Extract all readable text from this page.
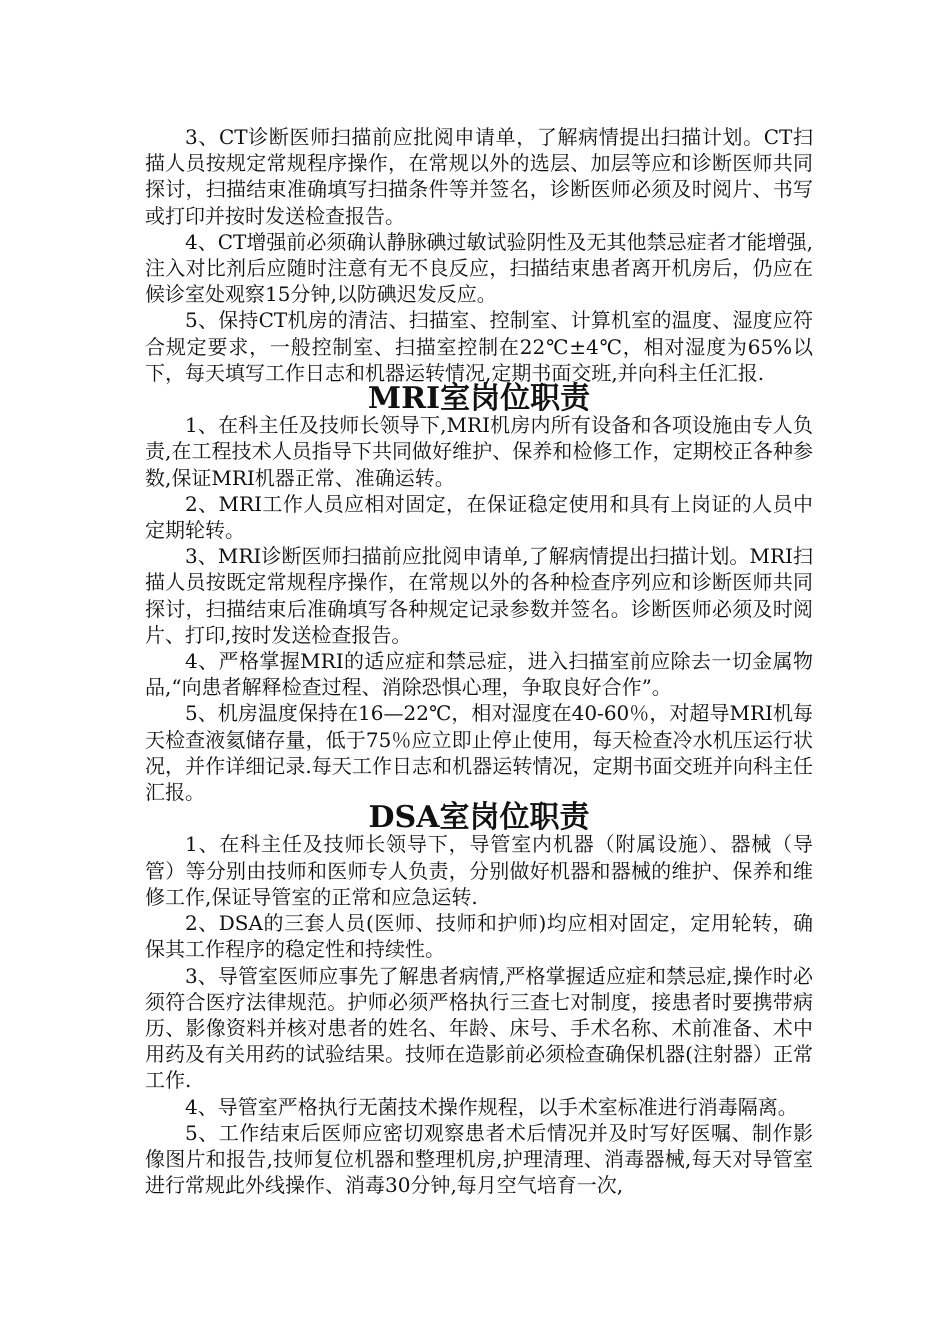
3、CT诊断医师扫描前应批阅申请单，了解病情提出扫描计划。CT扫描人员按规定常规程序操作，在常规以外的选层、加层等应和诊断医师共同探讨，扫描结束准确填写扫描条件等并签名，诊断医师必须及时阅片、书写或打印并按时发送检查报告。

4、CT增强前必须确认静脉碘过敏试验阴性及无其他禁忌症者才能增强,注入对比剂后应随时注意有无不良反应，扫描结束患者离开机房后，仍应在候诊室处观察15分钟,以防碘迟发反应。

5、保持CT机房的清洁、扫描室、控制室、计算机室的温度、湿度应符合规定要求，一般控制室、扫描室控制在22℃±4℃，相对湿度为65%以下，每天填写工作日志和机器运转情况,定期书面交班,并向科主任汇报.

MRI室岗位职责

1、在科主任及技师长领导下,MRI机房内所有设备和各项设施由专人负责,在工程技术人员指导下共同做好维护、保养和检修工作，定期校正各种参数,保证MRI机器正常、准确运转。

2、MRI工作人员应相对固定，在保证稳定使用和具有上岗证的人员中定期轮转。

3、MRI诊断医师扫描前应批阅申请单,了解病情提出扫描计划。MRI扫描人员按既定常规程序操作，在常规以外的各种检查序列应和诊断医师共同探讨，扫描结束后准确填写各种规定记录参数并签名。诊断医师必须及时阅片、打印,按时发送检查报告。

4、严格掌握MRI的适应症和禁忌症，进入扫描室前应除去一切金属物品,“向患者解释检查过程、消除恐惧心理，争取良好合作”。

5、机房温度保持在16—22℃，相对湿度在40-60％，对超导MRI机每天检查液氦储存量，低于75％应立即止停止使用，每天检查冷水机压运行状况，并作详细记录.每天工作日志和机器运转情况，定期书面交班并向科主任汇报。

DSA室岗位职责

1、在科主任及技师长领导下，导管室内机器（附属设施）、器械（导管）等分别由技师和医师专人负责，分别做好机器和器械的维护、保养和维修工作,保证导管室的正常和应急运转.

2、DSA的三套人员(医师、技师和护师)均应相对固定，定用轮转，确保其工作程序的稳定性和持续性。

3、导管室医师应事先了解患者病情,严格掌握适应症和禁忌症,操作时必须符合医疗法律规范。护师必须严格执行三查七对制度，接患者时要携带病历、影像资料并核对患者的姓名、年龄、床号、手术名称、术前准备、术中用药及有关用药的试验结果。技师在造影前必须检查确保机器(注射器）正常工作.

4、导管室严格执行无菌技术操作规程，以手术室标准进行消毒隔离。

5、工作结束后医师应密切观察患者术后情况并及时写好医嘱、制作影像图片和报告,技师复位机器和整理机房,护理清理、消毒器械,每天对导管室进行常规此外线操作、消毒30分钟,每月空气培育一次,
